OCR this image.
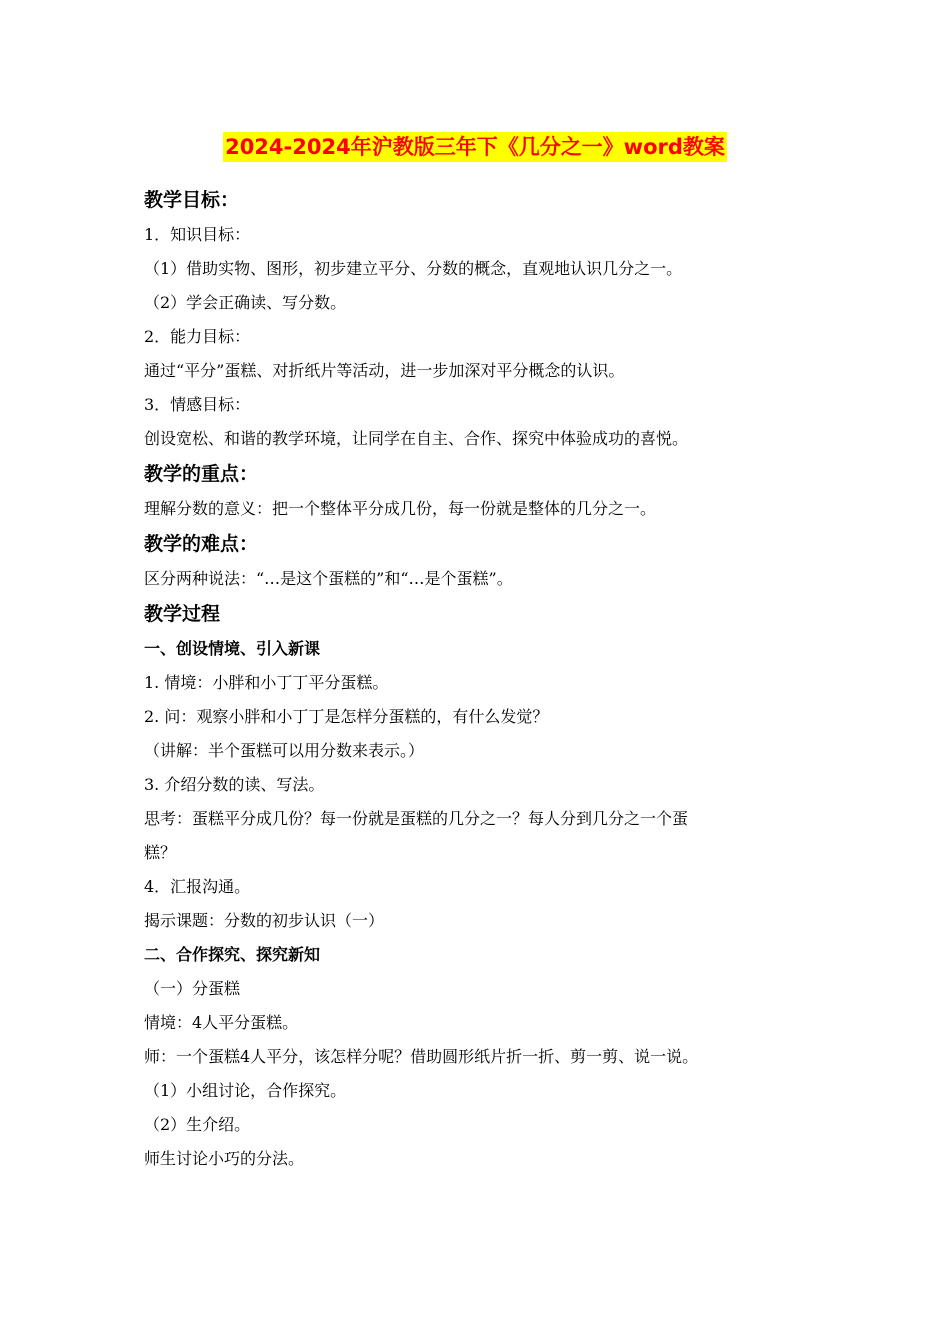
2024-2024年沪教版三年下《几分之一》word教案
教学目标：
1．知识目标：
（1）借助实物、图形，初步建立平分、分数的概念，直观地认识几分之一。
（2）学会正确读、写分数。
2．能力目标：
通过“平分”蛋糕、对折纸片等活动，进一步加深对平分概念的认识。
3．情感目标：
创设宽松、和谐的教学环境，让同学在自主、合作、探究中体验成功的喜悦。
教学的重点：
理解分数的意义：把一个整体平分成几份，每一份就是整体的几分之一。
教学的难点：
区分两种说法：“…是这个蛋糕的”和“…是个蛋糕”。
教学过程
一、创设情境、引入新课
1. 情境：小胖和小丁丁平分蛋糕。
2. 问：观察小胖和小丁丁是怎样分蛋糕的，有什么发觉？
（讲解：半个蛋糕可以用分数来表示。）
3. 介绍分数的读、写法。
思考：蛋糕平分成几份？每一份就是蛋糕的几分之一？每人分到几分之一个蛋
糕？
4．汇报沟通。
揭示课题：分数的初步认识（一）
二、合作探究、探究新知
（一）分蛋糕
情境：4人平分蛋糕。
师：一个蛋糕4人平分，该怎样分呢？借助圆形纸片折一折、剪一剪、说一说。
（1）小组讨论，合作探究。
（2）生介绍。
师生讨论小巧的分法。
